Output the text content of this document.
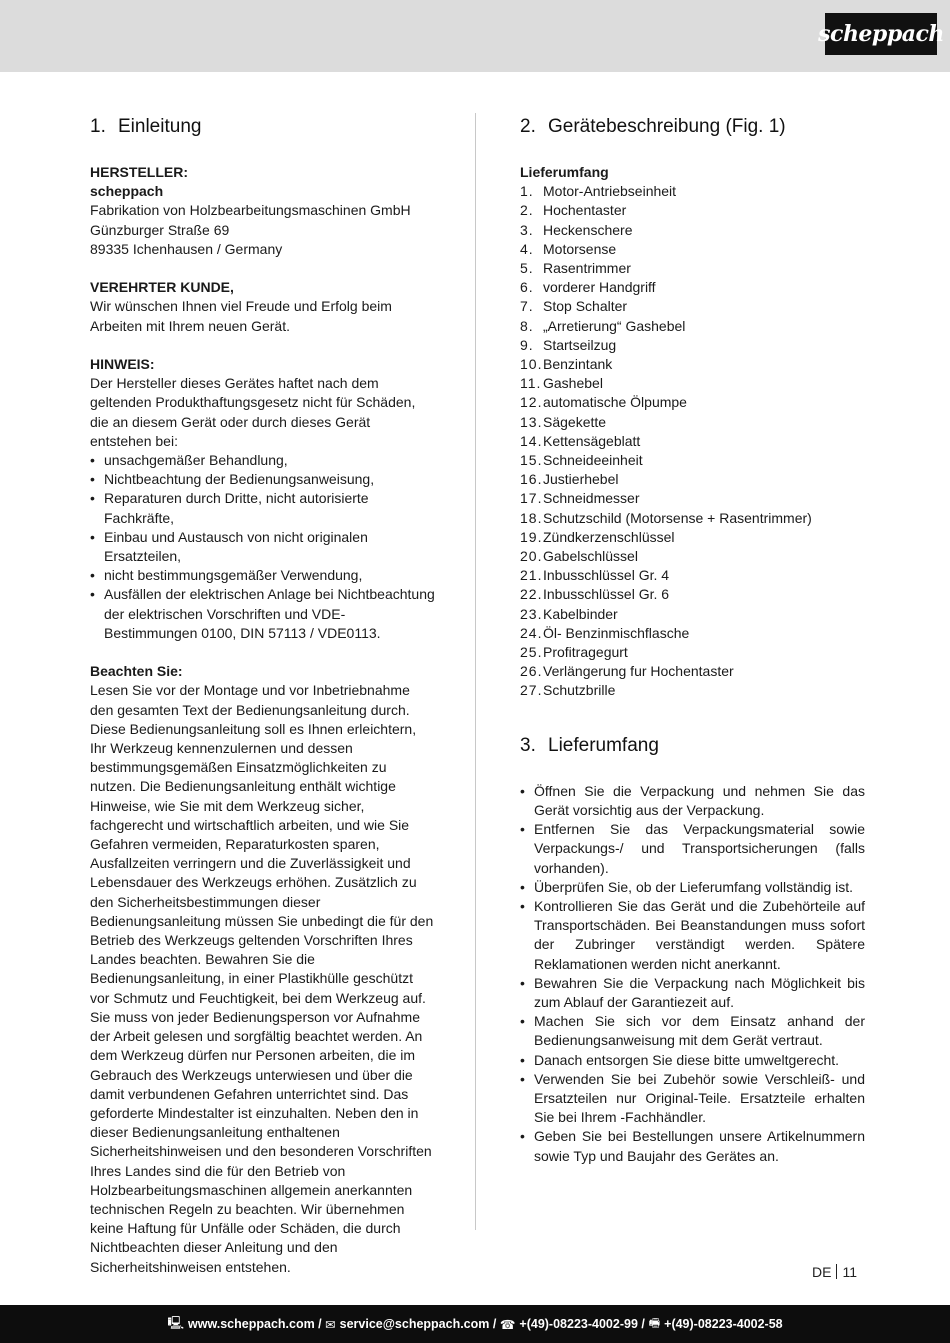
scheppach
1. Einleitung
HERSTELLER:
scheppach
Fabrikation von Holzbearbeitungsmaschinen GmbH
Günzburger Straße 69
89335 Ichenhausen / Germany
VEREHRTER KUNDE,

Wir wünschen Ihnen viel Freude und Erfolg beim Arbeiten mit Ihrem neuen Gerät.

HINWEIS:

Der Hersteller dieses Gerätes haftet nach dem geltenden Produkthaftungsgesetz nicht für Schäden, die an diesem Gerät oder durch dieses Gerät entstehen bei:

• unsachgemäßer Behandlung,
• Nichtbeachtung der Bedienungsanweisung,
• Reparaturen durch Dritte, nicht autorisierte Fachkräfte,
• Einbau und Austausch von nicht originalen Ersatzteilen,
• nicht bestimmungsgemäßer Verwendung,
• Ausfällen der elektrischen Anlage bei Nichtbeachtung der elektrischen Vorschriften und VDE-Bestimmungen 0100, DIN 57113 / VDE0113.
Beachten Sie:

Lesen Sie vor der Montage und vor Inbetriebnahme den gesamten Text der Bedienungsanleitung durch. Diese Bedienungsanleitung soll es Ihnen erleichtern, Ihr Werkzeug kennenzulernen und dessen bestimmungsgemäßen Einsatzmöglichkeiten zu nutzen. Die Bedienungsanleitung enthält wichtige Hinweise, wie Sie mit dem Werkzeug sicher, fachgerecht und wirtschaftlich arbeiten, und wie Sie Gefahren vermeiden, Reparaturkosten sparen, Ausfallzeiten verringern und die Zuverlässigkeit und Lebensdauer des Werkzeugs erhöhen. Zusätzlich zu den Sicherheitsbestimmungen dieser Bedienungsanleitung müssen Sie unbedingt die für den Betrieb des Werkzeugs geltenden Vorschriften Ihres Landes beachten. Bewahren Sie die Bedienungsanleitung, in einer Plastikhülle geschützt vor Schmutz und Feuchtigkeit, bei dem Werkzeug auf. Sie muss von jeder Bedienungsperson vor Aufnahme der Arbeit gelesen und sorgfältig beachtet werden. An dem Werkzeug dürfen nur Personen arbeiten, die im Gebrauch des Werkzeugs unterwiesen und über die damit verbundenen Gefahren unterrichtet sind. Das geforderte Mindestalter ist einzuhalten. Neben den in dieser Bedienungsanleitung enthaltenen Sicherheitshinweisen und den besonderen Vorschriften Ihres Landes sind die für den Betrieb von Holzbearbeitungsmaschinen allgemein anerkannten technischen Regeln zu beachten. Wir übernehmen keine Haftung für Unfälle oder Schäden, die durch Nichtbeachten dieser Anleitung und den Sicherheitshinweisen entstehen.

2. Gerätebeschreibung (Fig. 1)
Lieferumfang
1. Motor-Antriebseinheit
2. Hochentaster
3. Heckenschere
4. Motorsense
5. Rasentrimmer
6. vorderer Handgriff
7. Stop Schalter
8. „Arretierung“ Gashebel
9. Startseilzug
10. Benzintank
11. Gashebel
12. automatische Ölpumpe
13. Sägekette
14. Kettensägeblatt
15. Schneideeinheit
16. Justierhebel
17. Schneidmesser
18. Schutzschild (Motorsense + Rasentrimmer)
19. Zündkerzenschlüssel
20. Gabelschlüssel
21. Inbusschlüssel Gr. 4
22. Inbusschlüssel Gr. 6
23. Kabelbinder
24. Öl- Benzinmischflasche
25. Profitragegurt
26. Verlängerung fur Hochentaster
27. Schutzbrille
3. Lieferumfang
• Öffnen Sie die Verpackung und nehmen Sie das Gerät vorsichtig aus der Verpackung.
• Entfernen Sie das Verpackungsmaterial sowie Verpackungs-/ und Transportsicherungen (falls vorhanden).
• Überprüfen Sie, ob der Lieferumfang vollständig ist.
• Kontrollieren Sie das Gerät und die Zubehörteile auf Transportschäden. Bei Beanstandungen muss sofort der Zubringer verständigt werden. Spätere Reklamationen werden nicht anerkannt.
• Bewahren Sie die Verpackung nach Möglichkeit bis zum Ablauf der Garantiezeit auf.
• Machen Sie sich vor dem Einsatz anhand der Bedienungsanweisung mit dem Gerät vertraut.
• Danach entsorgen Sie diese bitte umweltgerecht.
• Verwenden Sie bei Zubehör sowie Verschleiß- und Ersatzteilen nur Original-Teile. Ersatzteile erhalten Sie bei Ihrem -Fachhändler.
• Geben Sie bei Bestellungen unsere Artikelnummern sowie Typ und Baujahr des Gerätes an.
DE 11
🖳︎ www.scheppach.com /
✉︎ service@scheppach.com /
☎ +(49)-08223-4002-99 /
🖷︎ +(49)-08223-4002-58
